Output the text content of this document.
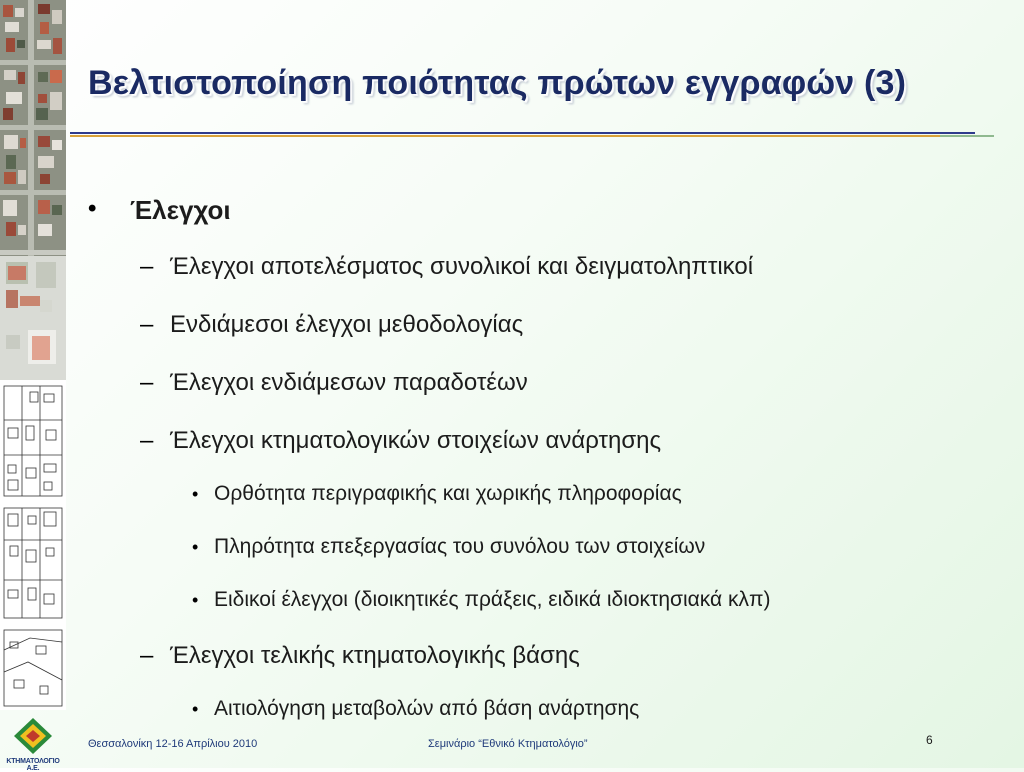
ΚΤΗΜΑΤΟΛΟΓΙΟ Α.Ε.
Βελτιστοποίηση ποιότητας πρώτων εγγραφών (3)
• Έλεγχοι
– Έλεγχοι αποτελέσματος συνολικοί και δειγματοληπτικοί
– Ενδιάμεσοι έλεγχοι μεθοδολογίας
– Έλεγχοι ενδιάμεσων παραδοτέων
– Έλεγχοι κτηματολογικών στοιχείων ανάρτησης
• Ορθότητα περιγραφικής και χωρικής πληροφορίας
• Πληρότητα επεξεργασίας του συνόλου των στοιχείων
• Ειδικοί έλεγχοι (διοικητικές πράξεις, ειδικά ιδιοκτησιακά κλπ)
– Έλεγχοι τελικής κτηματολογικής βάσης
• Αιτιολόγηση μεταβολών από βάση ανάρτησης
Θεσσαλονίκη 12-16 Απρίλιου 2010	Σεμινάριο “Εθνικό Κτηματολόγιο”	6
